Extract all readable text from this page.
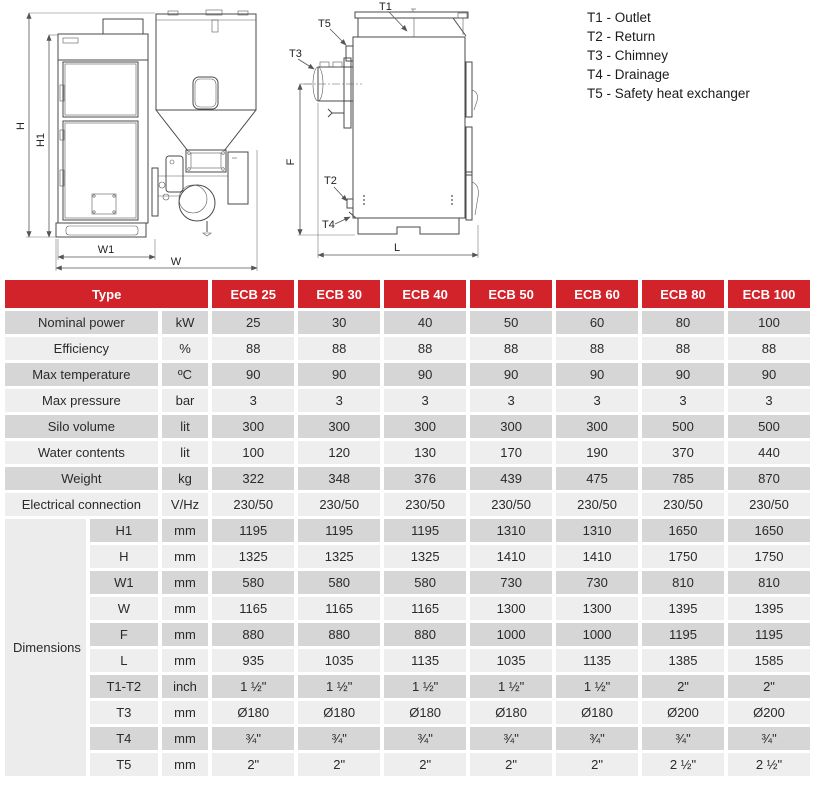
H
H1
W1
W
T1
T5
T3
T2
T4
F
L
T1 - Outlet
T2 - Return
T3 - Chimney
T4 - Drainage
T5 - Safety heat exchanger
Type			ECB 25	ECB 30	ECB 40	ECB 50	ECB 60	ECB 80	ECB 100
Nominal power		kW	25	30	40	50	60	80	100
Efficiency		%	88	88	88	88	88	88	88
Max temperature		ºC	90	90	90	90	90	90	90
Max pressure		bar	3	3	3	3	3	3	3
Silo volume		lit	300	300	300	300	300	500	500
Water contents		lit	100	120	130	170	190	370	440
Weight		kg	322	348	376	439	475	785	870
Electrical connection		V/Hz	230/50	230/50	230/50	230/50	230/50	230/50	230/50
Dimensions	H1	mm	1195	1195	1195	1310	1310	1650	1650
	H	mm	1325	1325	1325	1410	1410	1750	1750
	W1	mm	580	580	580	730	730	810	810
	W	mm	1165	1165	1165	1300	1300	1395	1395
	F	mm	880	880	880	1000	1000	1195	1195
	L	mm	935	1035	1135	1035	1135	1385	1585
	T1-T2	inch	1 ½"	1 ½"	1 ½"	1 ½"	1 ½"	2"	2"
	T3	mm	Ø180	Ø180	Ø180	Ø180	Ø180	Ø200	Ø200
	T4	mm	¾"	¾"	¾"	¾"	¾"	¾"	¾"
	T5	mm	2"	2"	2"	2"	2"	2 ½"	2 ½"
